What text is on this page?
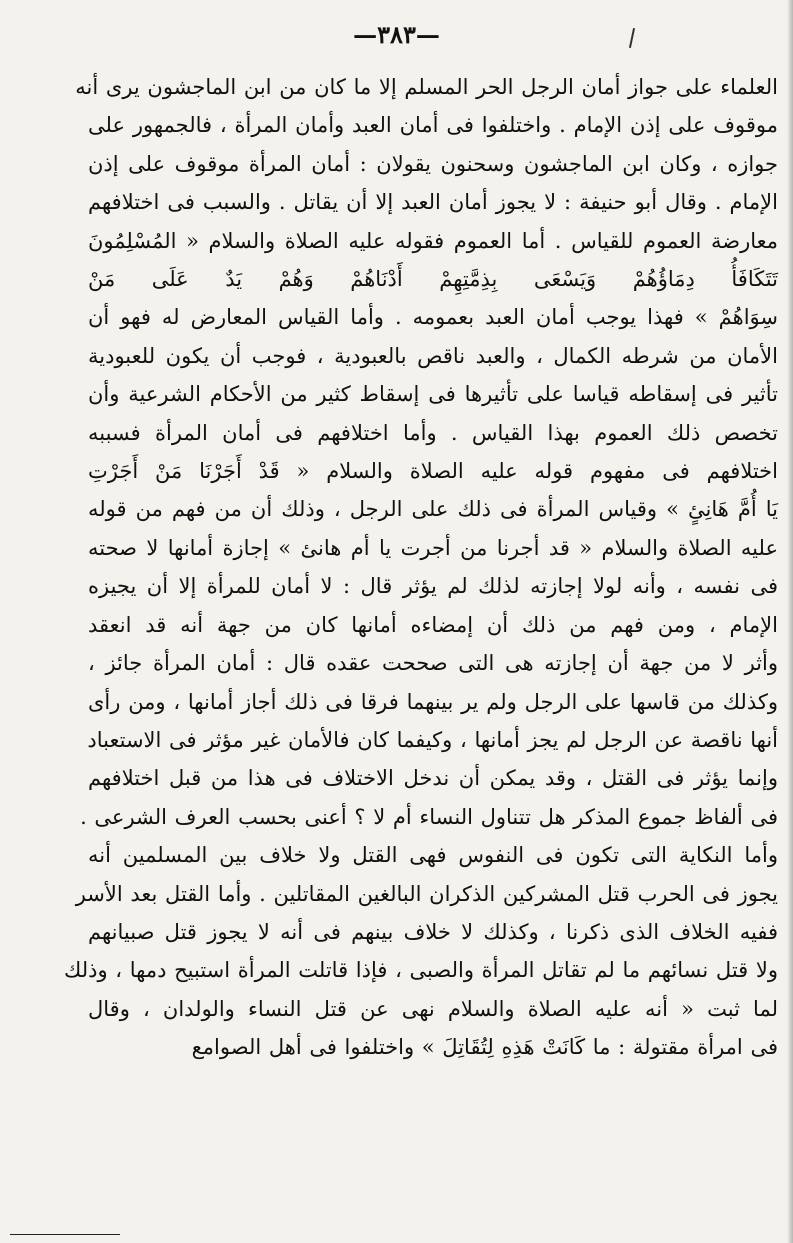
—٣٨٣—
العلماء على جواز أمان الرجل الحر المسلم إلا ما كان من ابن الماجشون يرى أنه
موقوف على إذن الإمام . واختلفوا فى أمان العبد وأمان المرأة ، فالجمهور على
جوازه ، وكان ابن الماجشون وسحنون يقولان : أمان المرأة موقوف على إذن
الإمام . وقال أبو حنيفة : لا يجوز أمان العبد إلا أن يقاتل . والسبب فى اختلافهم
معارضة العموم للقياس . أما العموم فقوله عليه الصلاة والسلام « المُسْلِمُونَ
تَتَكَافَأُ دِمَاؤُهُمْ وَيَسْعَى بِذِمَّتِهِمْ أَدْنَاهُمْ وَهُمْ يَدٌ عَلَى مَنْ
سِوَاهُمْ » فهذا يوجب أمان العبد بعمومه . وأما القياس المعارض له فهو أن
الأمان من شرطه الكمال ، والعبد ناقص بالعبودية ، فوجب أن يكون للعبودية
تأثير فى إسقاطه قياسا على تأثيرها فى إسقاط كثير من الأحكام الشرعية وأن
تخصص ذلك العموم بهذا القياس . وأما اختلافهم فى أمان المرأة فسببه
اختلافهم فى مفهوم قوله عليه الصلاة والسلام « قَدْ أَجَرْنَا مَنْ أَجَرْتِ
يَا أُمَّ هَانِئٍ » وقياس المرأة فى ذلك على الرجل ، وذلك أن من فهم من قوله
عليه الصلاة والسلام « قد أجرنا من أجرت يا أم هانئ » إجازة أمانها لا صحته
فى نفسه ، وأنه لولا إجازته لذلك لم يؤثر قال : لا أمان للمرأة إلا أن يجيزه
الإمام ، ومن فهم من ذلك أن إمضاءه أمانها كان من جهة أنه قد انعقد
وأثر لا من جهة أن إجازته هى التى صححت عقده قال : أمان المرأة جائز ،
وكذلك من قاسها على الرجل ولم ير بينهما فرقا فى ذلك أجاز أمانها ، ومن رأى
أنها ناقصة عن الرجل لم يجز أمانها ، وكيفما كان فالأمان غير مؤثر فى الاستعباد
وإنما يؤثر فى القتل ، وقد يمكن أن ندخل الاختلاف فى هذا من قبل اختلافهم
فى ألفاظ جموع المذكر هل تتناول النساء أم لا ؟ أعنى بحسب العرف الشرعى .
وأما النكاية التى تكون فى النفوس فهى القتل ولا خلاف بين المسلمين أنه
يجوز فى الحرب قتل المشركين الذكران البالغين المقاتلين . وأما القتل بعد الأسر
ففيه الخلاف الذى ذكرنا ، وكذلك لا خلاف بينهم فى أنه لا يجوز قتل صبيانهم
ولا قتل نسائهم ما لم تقاتل المرأة والصبى ، فإذا قاتلت المرأة استبيح دمها ، وذلك
لما ثبت « أنه عليه الصلاة والسلام نهى عن قتل النساء والولدان ، وقال
فى امرأة مقتولة : ما كَانَتْ هَذِهِ لِتُقَاتِلَ » واختلفوا فى أهل الصوامع
